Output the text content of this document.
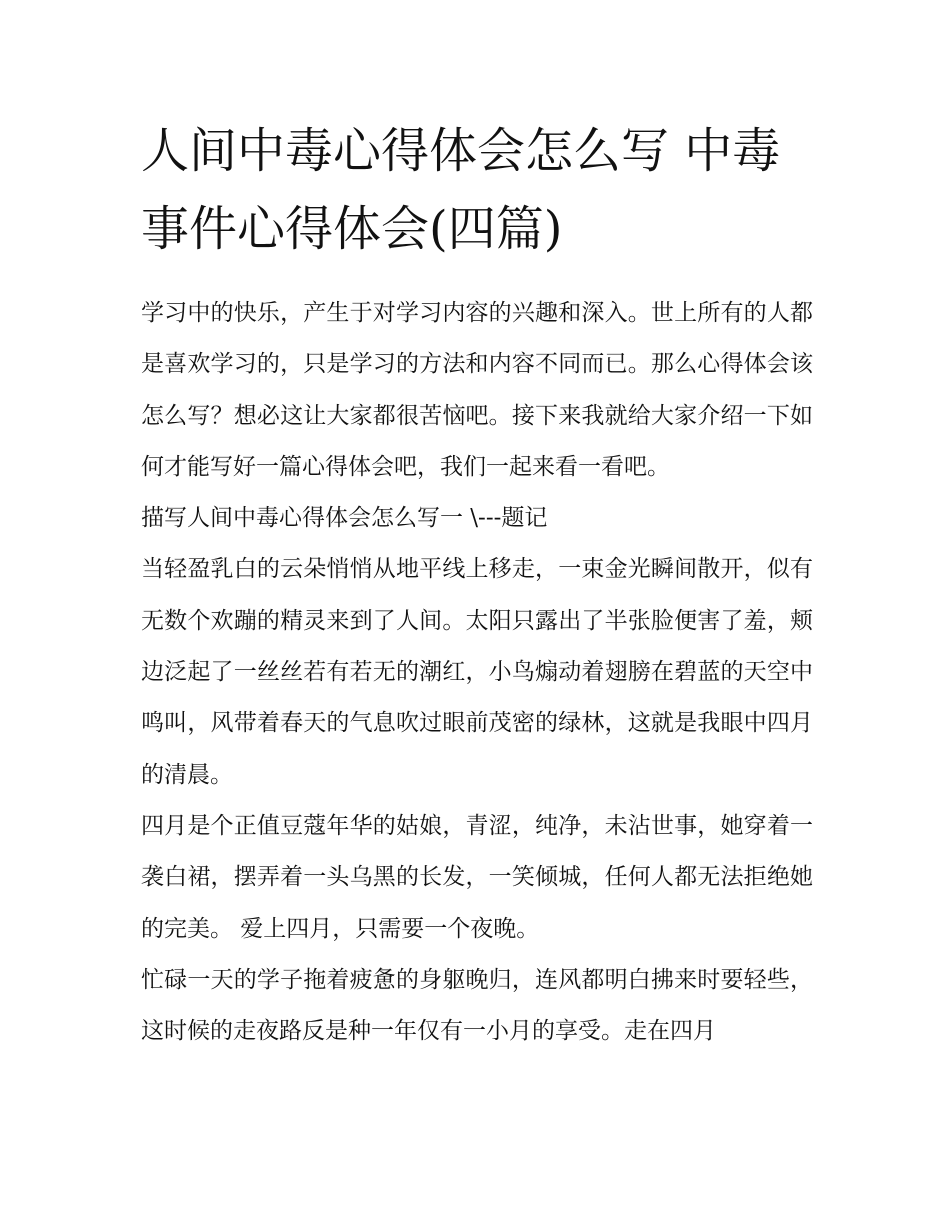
人间中毒心得体会怎么写 中毒事件心得体会(四篇)

学习中的快乐，产生于对学习内容的兴趣和深入。世上所有的人都是喜欢学习的，只是学习的方法和内容不同而已。那么心得体会该怎么写？想必这让大家都很苦恼吧。接下来我就给大家介绍一下如何才能写好一篇心得体会吧，我们一起来看一看吧。

描写人间中毒心得体会怎么写一 \---题记

当轻盈乳白的云朵悄悄从地平线上移走，一束金光瞬间散开，似有无数个欢蹦的精灵来到了人间。太阳只露出了半张脸便害了羞，颊边泛起了一丝丝若有若无的潮红，小鸟煽动着翅膀在碧蓝的天空中鸣叫，风带着春天的气息吹过眼前茂密的绿林，这就是我眼中四月的清晨。

四月是个正值豆蔻年华的姑娘，青涩，纯净，未沾世事，她穿着一袭白裙，摆弄着一头乌黑的长发，一笑倾城，任何人都无法拒绝她的完美。 爱上四月，只需要一个夜晚。

忙碌一天的学子拖着疲惫的身躯晚归，连风都明白拂来时要轻些，这时候的走夜路反是种一年仅有一小月的享受。走在四月
